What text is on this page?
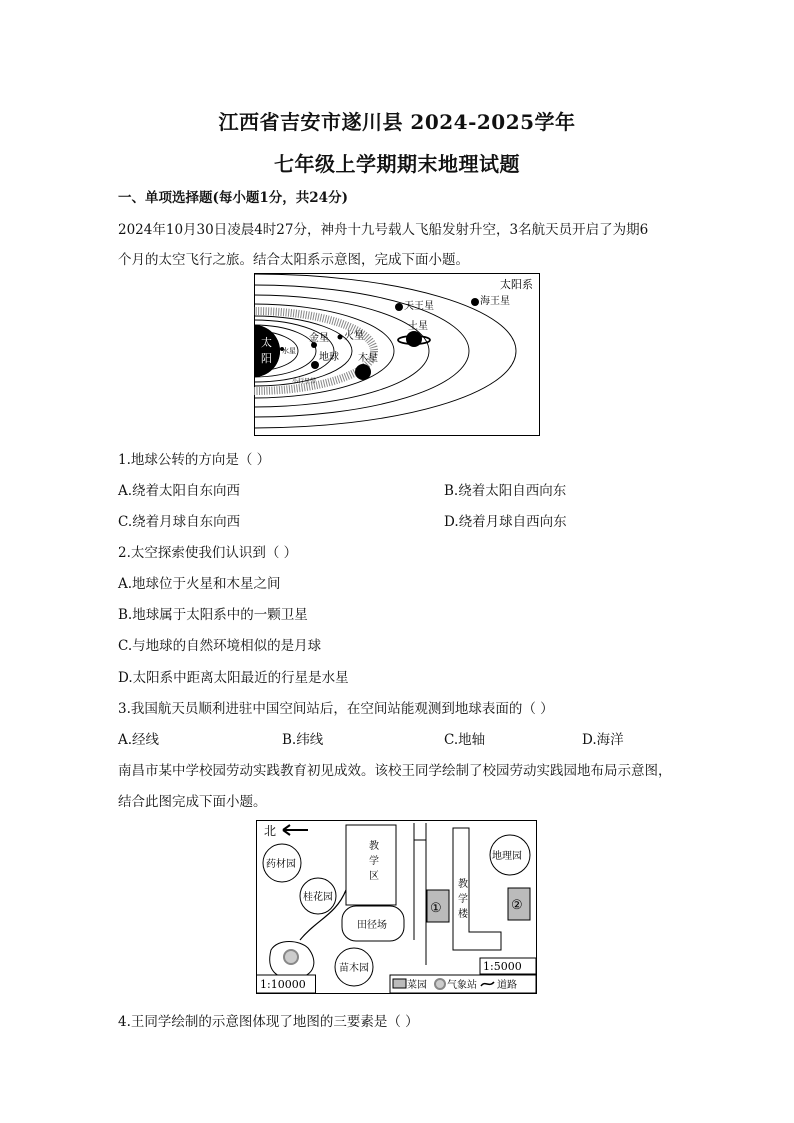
江西省吉安市遂川县 2024-2025学年
七年级上学期期末地理试题
一、单项选择题(每小题1分，共24分)
2024年10月30日凌晨4时27分，神舟十九号载人飞船发射升空，3名航天员开启了为期6
个月的太空飞行之旅。结合太阳系示意图，完成下面小题。
太
阳
水星
金星
地球
火星
木星
小行星带
土星
天王星	海王星
太阳系
1.地球公转的方向是（ ）
A.绕着太阳自东向西	B.绕着太阳自西向东
C.绕着月球自东向西	D.绕着月球自西向东
2.太空探索使我们认识到（ ）
A.地球位于火星和木星之间
B.地球属于太阳系中的一颗卫星
C.与地球的自然环境相似的是月球
D.太阳系中距离太阳最近的行星是水星
3.我国航天员顺利进驻中国空间站后，在空间站能观测到地球表面的（ ）
A.经线	B.纬线	C.地轴	D.海洋
南昌市某中学校园劳动实践教育初见成效。该校王同学绘制了校园劳动实践园地布局示意图，
结合此图完成下面小题。
北
教
学
区
药材园
桂花园
田径场
苗木园
①
教
学
楼
地理园
②
1:5000
1:10000	菜园 气象站 道路
4.王同学绘制的示意图体现了地图的三要素是（ ）
